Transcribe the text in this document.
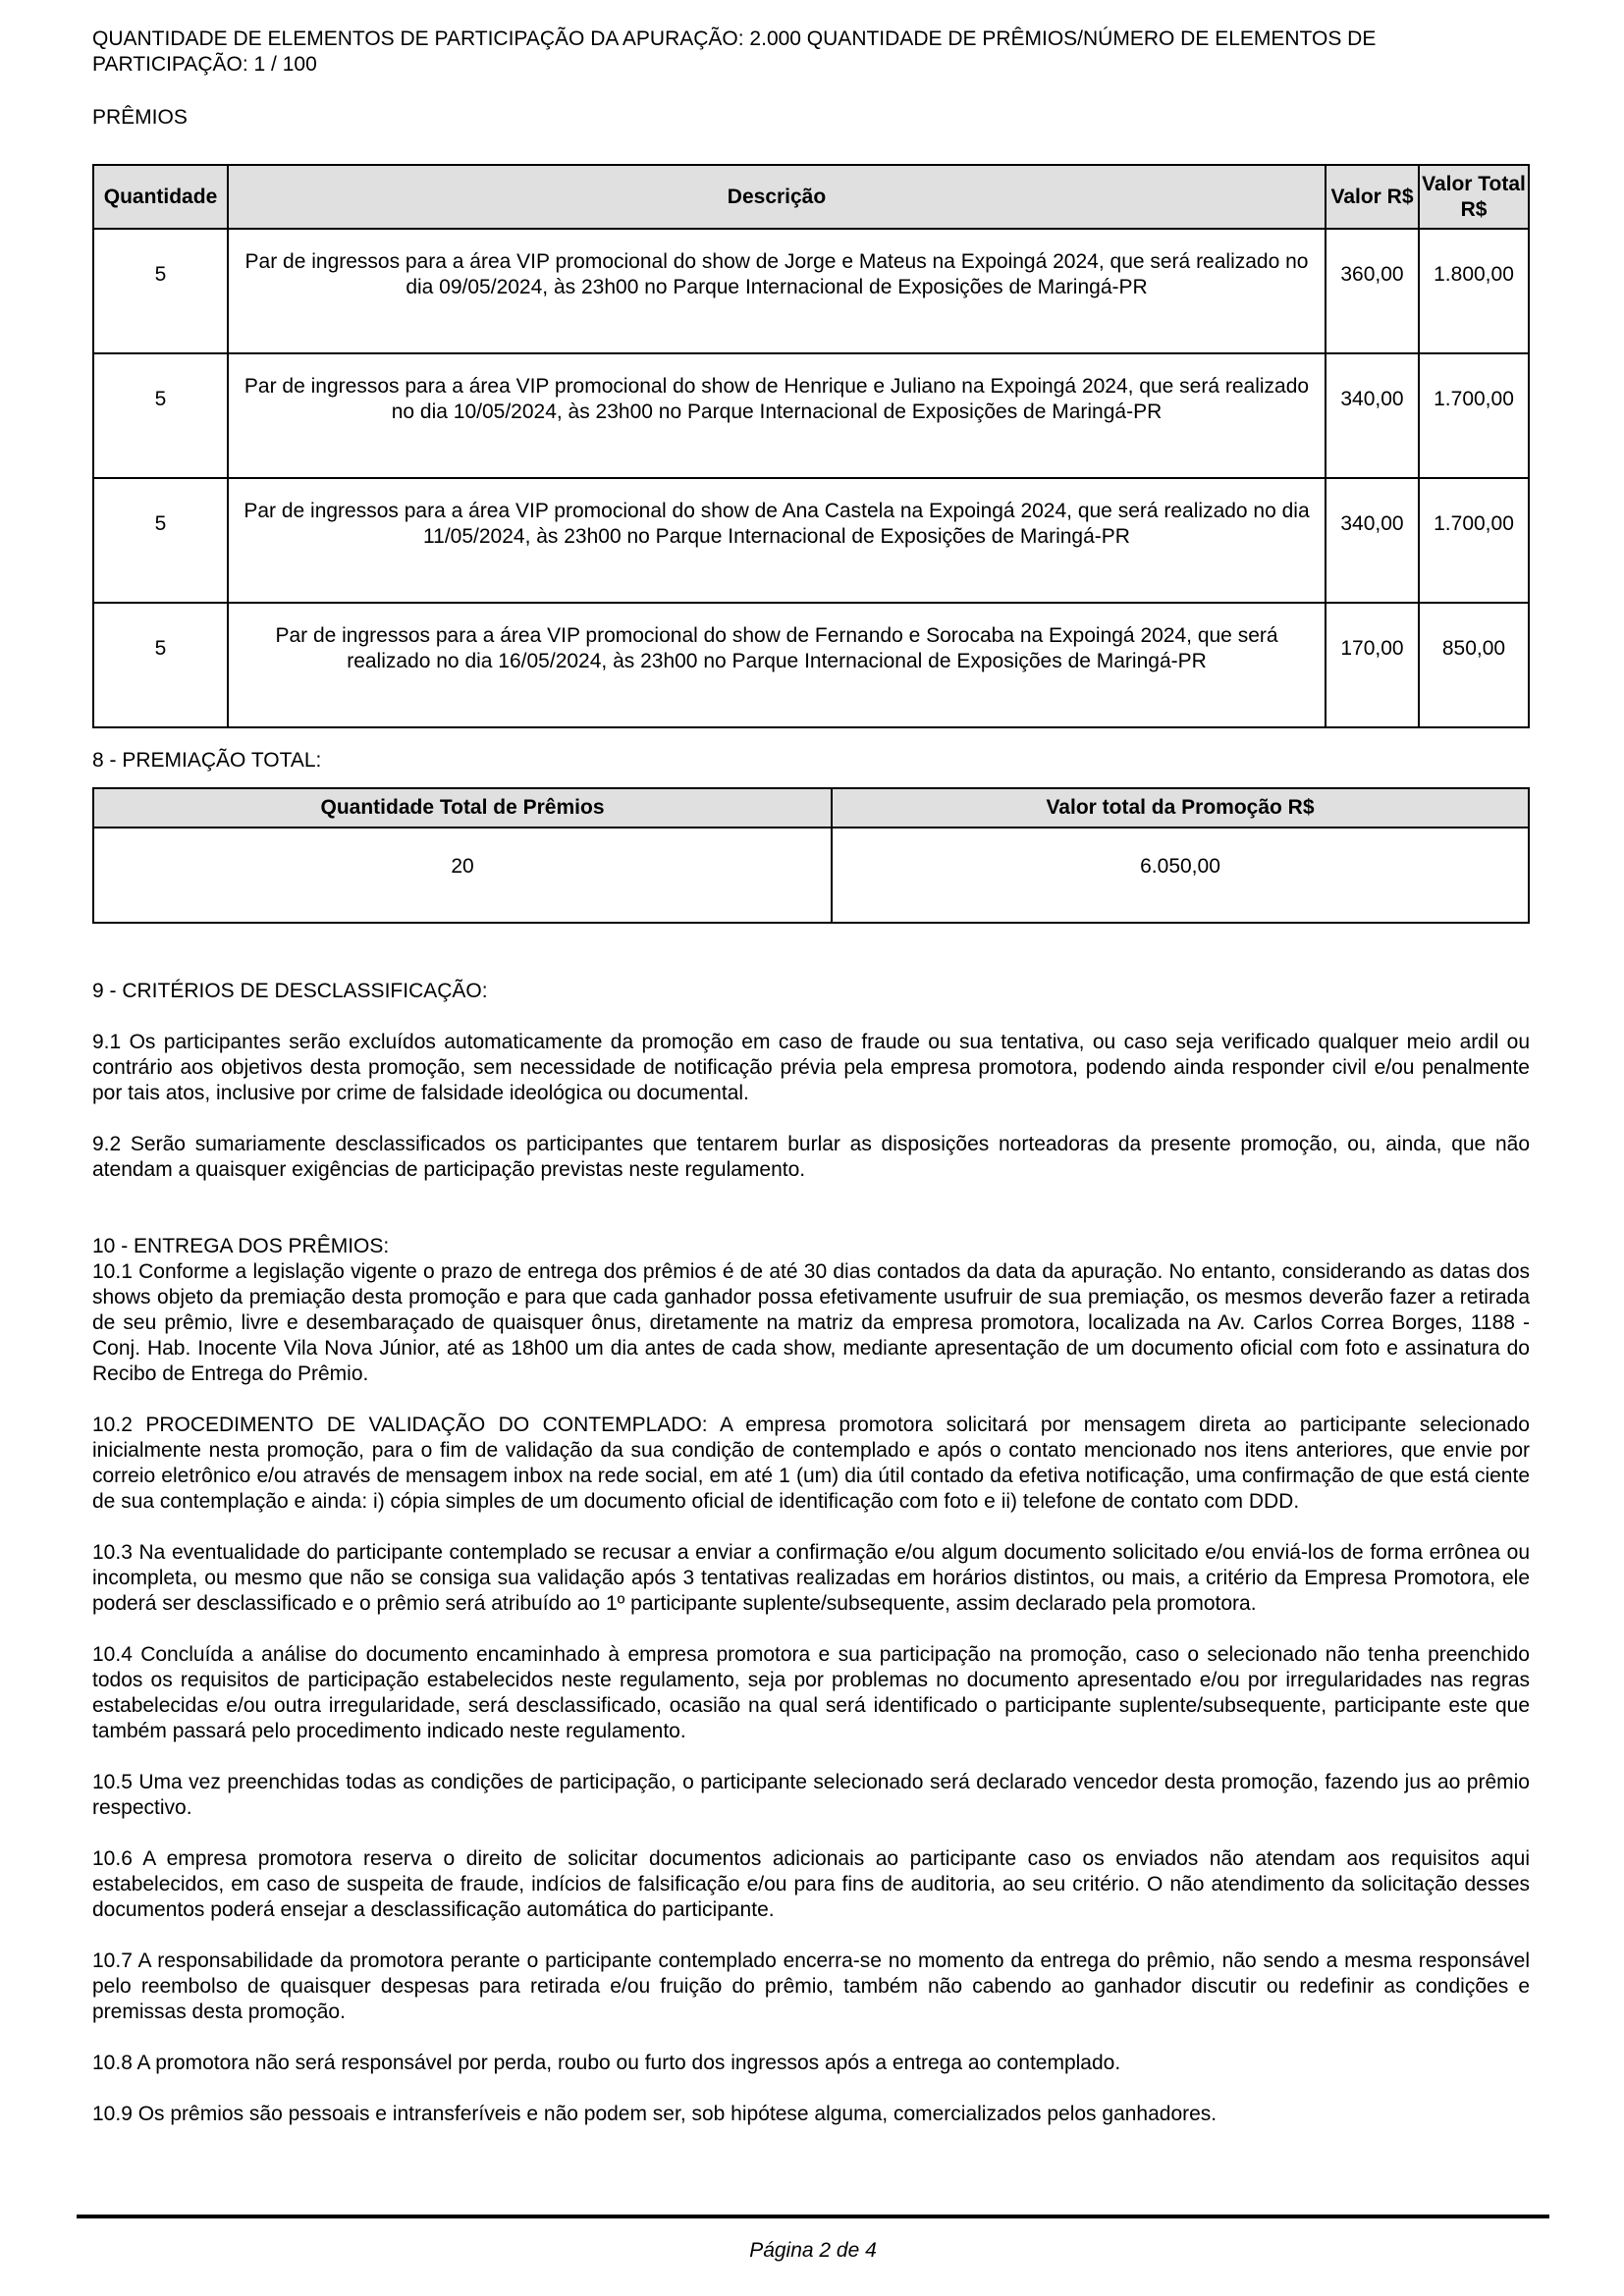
QUANTIDADE DE ELEMENTOS DE PARTICIPAÇÃO DA APURAÇÃO: 2.000 QUANTIDADE DE PRÊMIOS/NÚMERO DE ELEMENTOS DE PARTICIPAÇÃO: 1 / 100
PRÊMIOS
Quantidade	Descrição	Valor R$	Valor Total R$
5	Par de ingressos para a área VIP promocional do show de Jorge e Mateus na Expoingá 2024, que será realizado no dia 09/05/2024, às 23h00 no Parque Internacional de Exposições de Maringá-PR	360,00	1.800,00
5	Par de ingressos para a área VIP promocional do show de Henrique e Juliano na Expoingá 2024, que será realizado no dia 10/05/2024, às 23h00 no Parque Internacional de Exposições de Maringá-PR	340,00	1.700,00
5	Par de ingressos para a área VIP promocional do show de Ana Castela na Expoingá 2024, que será realizado no dia 11/05/2024, às 23h00 no Parque Internacional de Exposições de Maringá-PR	340,00	1.700,00
5	Par de ingressos para a área VIP promocional do show de Fernando e Sorocaba na Expoingá 2024, que será realizado no dia 16/05/2024, às 23h00 no Parque Internacional de Exposições de Maringá-PR	170,00	850,00
8 - PREMIAÇÃO TOTAL:
Quantidade Total de Prêmios	Valor total da Promoção R$
20	6.050,00
9 - CRITÉRIOS DE DESCLASSIFICAÇÃO:
9.1 Os participantes serão excluídos automaticamente da promoção em caso de fraude ou sua tentativa, ou caso seja verificado qualquer meio ardil ou contrário aos objetivos desta promoção, sem necessidade de notificação prévia pela empresa promotora, podendo ainda responder civil e/ou penalmente por tais atos, inclusive por crime de falsidade ideológica ou documental.
9.2 Serão sumariamente desclassificados os participantes que tentarem burlar as disposições norteadoras da presente promoção, ou, ainda, que não atendam a quaisquer exigências de participação previstas neste regulamento.
10 - ENTREGA DOS PRÊMIOS:
10.1 Conforme a legislação vigente o prazo de entrega dos prêmios é de até 30 dias contados da data da apuração. No entanto, considerando as datas dos shows objeto da premiação desta promoção e para que cada ganhador possa efetivamente usufruir de sua premiação, os mesmos deverão fazer a retirada de seu prêmio, livre e desembaraçado de quaisquer ônus, diretamente na matriz da empresa promotora, localizada na Av. Carlos Correa Borges, 1188 - Conj. Hab. Inocente Vila Nova Júnior, até as 18h00 um dia antes de cada show, mediante apresentação de um documento oficial com foto e assinatura do Recibo de Entrega do Prêmio.
10.2 PROCEDIMENTO DE VALIDAÇÃO DO CONTEMPLADO: A empresa promotora solicitará por mensagem direta ao participante selecionado inicialmente nesta promoção, para o fim de validação da sua condição de contemplado e após o contato mencionado nos itens anteriores, que envie por correio eletrônico e/ou através de mensagem inbox na rede social, em até 1 (um) dia útil contado da efetiva notificação, uma confirmação de que está ciente de sua contemplação e ainda: i) cópia simples de um documento oficial de identificação com foto e ii) telefone de contato com DDD.
10.3 Na eventualidade do participante contemplado se recusar a enviar a confirmação e/ou algum documento solicitado e/ou enviá-los de forma errônea ou incompleta, ou mesmo que não se consiga sua validação após 3 tentativas realizadas em horários distintos, ou mais, a critério da Empresa Promotora, ele poderá ser desclassificado e o prêmio será atribuído ao 1º participante suplente/subsequente, assim declarado pela promotora.
10.4 Concluída a análise do documento encaminhado à empresa promotora e sua participação na promoção, caso o selecionado não tenha preenchido todos os requisitos de participação estabelecidos neste regulamento, seja por problemas no documento apresentado e/ou por irregularidades nas regras estabelecidas e/ou outra irregularidade, será desclassificado, ocasião na qual será identificado o participante suplente/subsequente, participante este que também passará pelo procedimento indicado neste regulamento.
10.5 Uma vez preenchidas todas as condições de participação, o participante selecionado será declarado vencedor desta promoção, fazendo jus ao prêmio respectivo.
10.6 A empresa promotora reserva o direito de solicitar documentos adicionais ao participante caso os enviados não atendam aos requisitos aqui estabelecidos, em caso de suspeita de fraude, indícios de falsificação e/ou para fins de auditoria, ao seu critério. O não atendimento da solicitação desses documentos poderá ensejar a desclassificação automática do participante.
10.7 A responsabilidade da promotora perante o participante contemplado encerra-se no momento da entrega do prêmio, não sendo a mesma responsável pelo reembolso de quaisquer despesas para retirada e/ou fruição do prêmio, também não cabendo ao ganhador discutir ou redefinir as condições e premissas desta promoção.
10.8 A promotora não será responsável por perda, roubo ou furto dos ingressos após a entrega ao contemplado.
10.9 Os prêmios são pessoais e intransferíveis e não podem ser, sob hipótese alguma, comercializados pelos ganhadores.
Página 2 de 4
